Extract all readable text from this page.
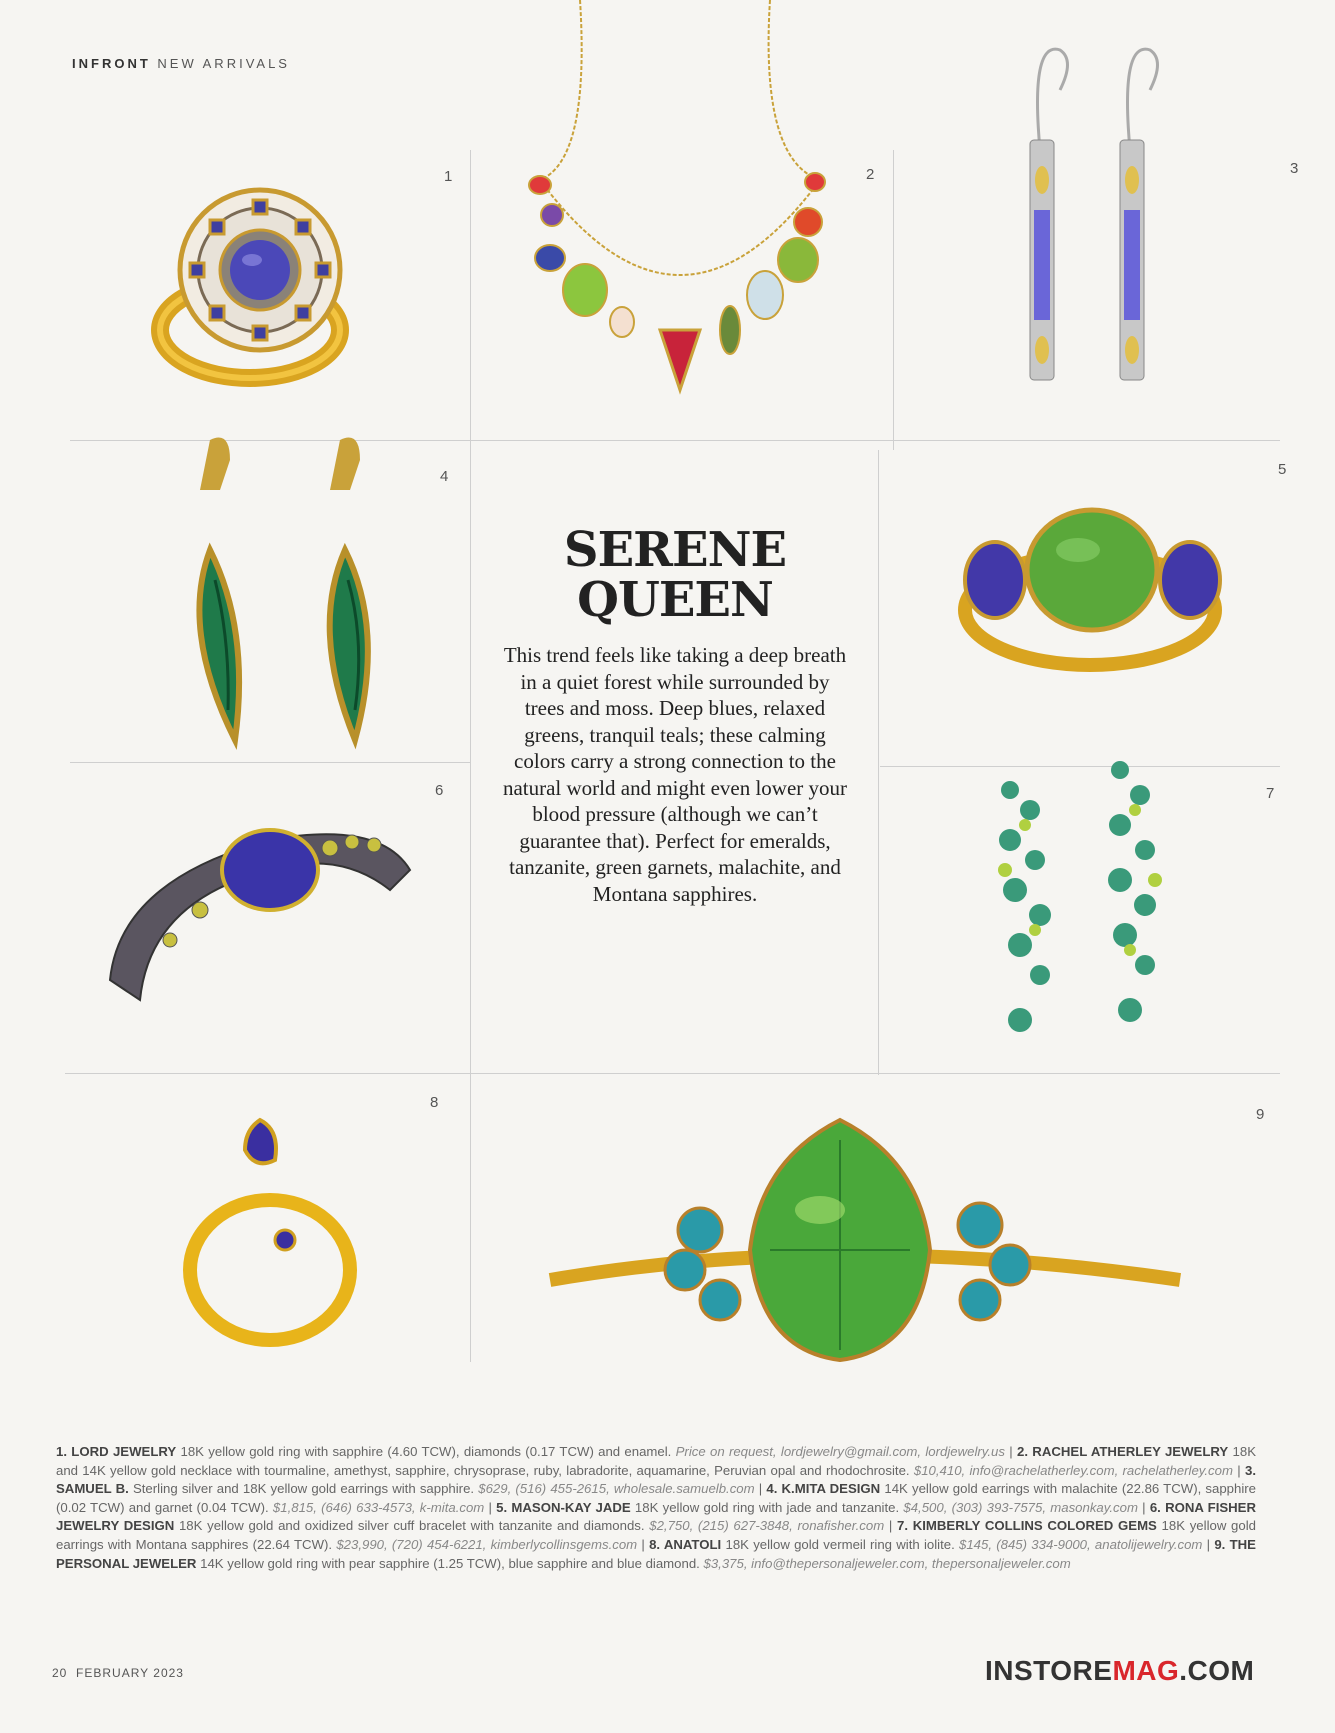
INFRONT NEW ARRIVALS
1	2	3
4	5
6	7
8
9
SERENE
QUEEN
This trend feels like taking a deep breath in a quiet forest while surrounded by trees and moss. Deep blues, relaxed greens, tranquil teals; these calming colors carry a strong connection to the natural world and might even lower your blood pressure (although we can’t guarantee that). Perfect for emeralds, tanzanite, green garnets, malachite, and Montana sapphires.
1. LORD JEWELRY 18K yellow gold ring with sapphire (4.60 TCW), diamonds (0.17 TCW) and enamel. Price on request, lordjewelry@gmail.com, lordjewelry.us | 2. RACHEL ATHERLEY JEWELRY 18K and 14K yellow gold necklace with tourmaline, amethyst, sapphire, chrysoprase, ruby, labradorite, aquamarine, Peruvian opal and rhodochrosite. $10,410, info@rachelatherley.com, rachelatherley.com | 3. SAMUEL B. Sterling silver and 18K yellow gold earrings with sapphire. $629, (516) 455-2615, wholesale.samuelb.com | 4. K.MITA DESIGN 14K yellow gold earrings with malachite (22.86 TCW), sapphire (0.02 TCW) and garnet (0.04 TCW). $1,815, (646) 633-4573, k-mita.com | 5. MASON-KAY JADE 18K yellow gold ring with jade and tanzanite. $4,500, (303) 393-7575, masonkay.com | 6. RONA FISHER JEWELRY DESIGN 18K yellow gold and oxidized silver cuff bracelet with tanzanite and diamonds. $2,750, (215) 627-3848, ronafisher.com | 7. KIMBERLY COLLINS COLORED GEMS 18K yellow gold earrings with Montana sapphires (22.64 TCW). $23,990, (720) 454-6221, kimberlycollinsgems.com | 8. ANATOLI 18K yellow gold vermeil ring with iolite. $145, (845) 334-9000, anatolijewelry.com | 9. THE PERSONAL JEWELER 14K yellow gold ring with pear sapphire (1.25 TCW), blue sapphire and blue diamond. $3,375, info@thepersonaljeweler.com, thepersonaljeweler.com
20 FEBRUARY 2023	INSTOREMAG.COM
